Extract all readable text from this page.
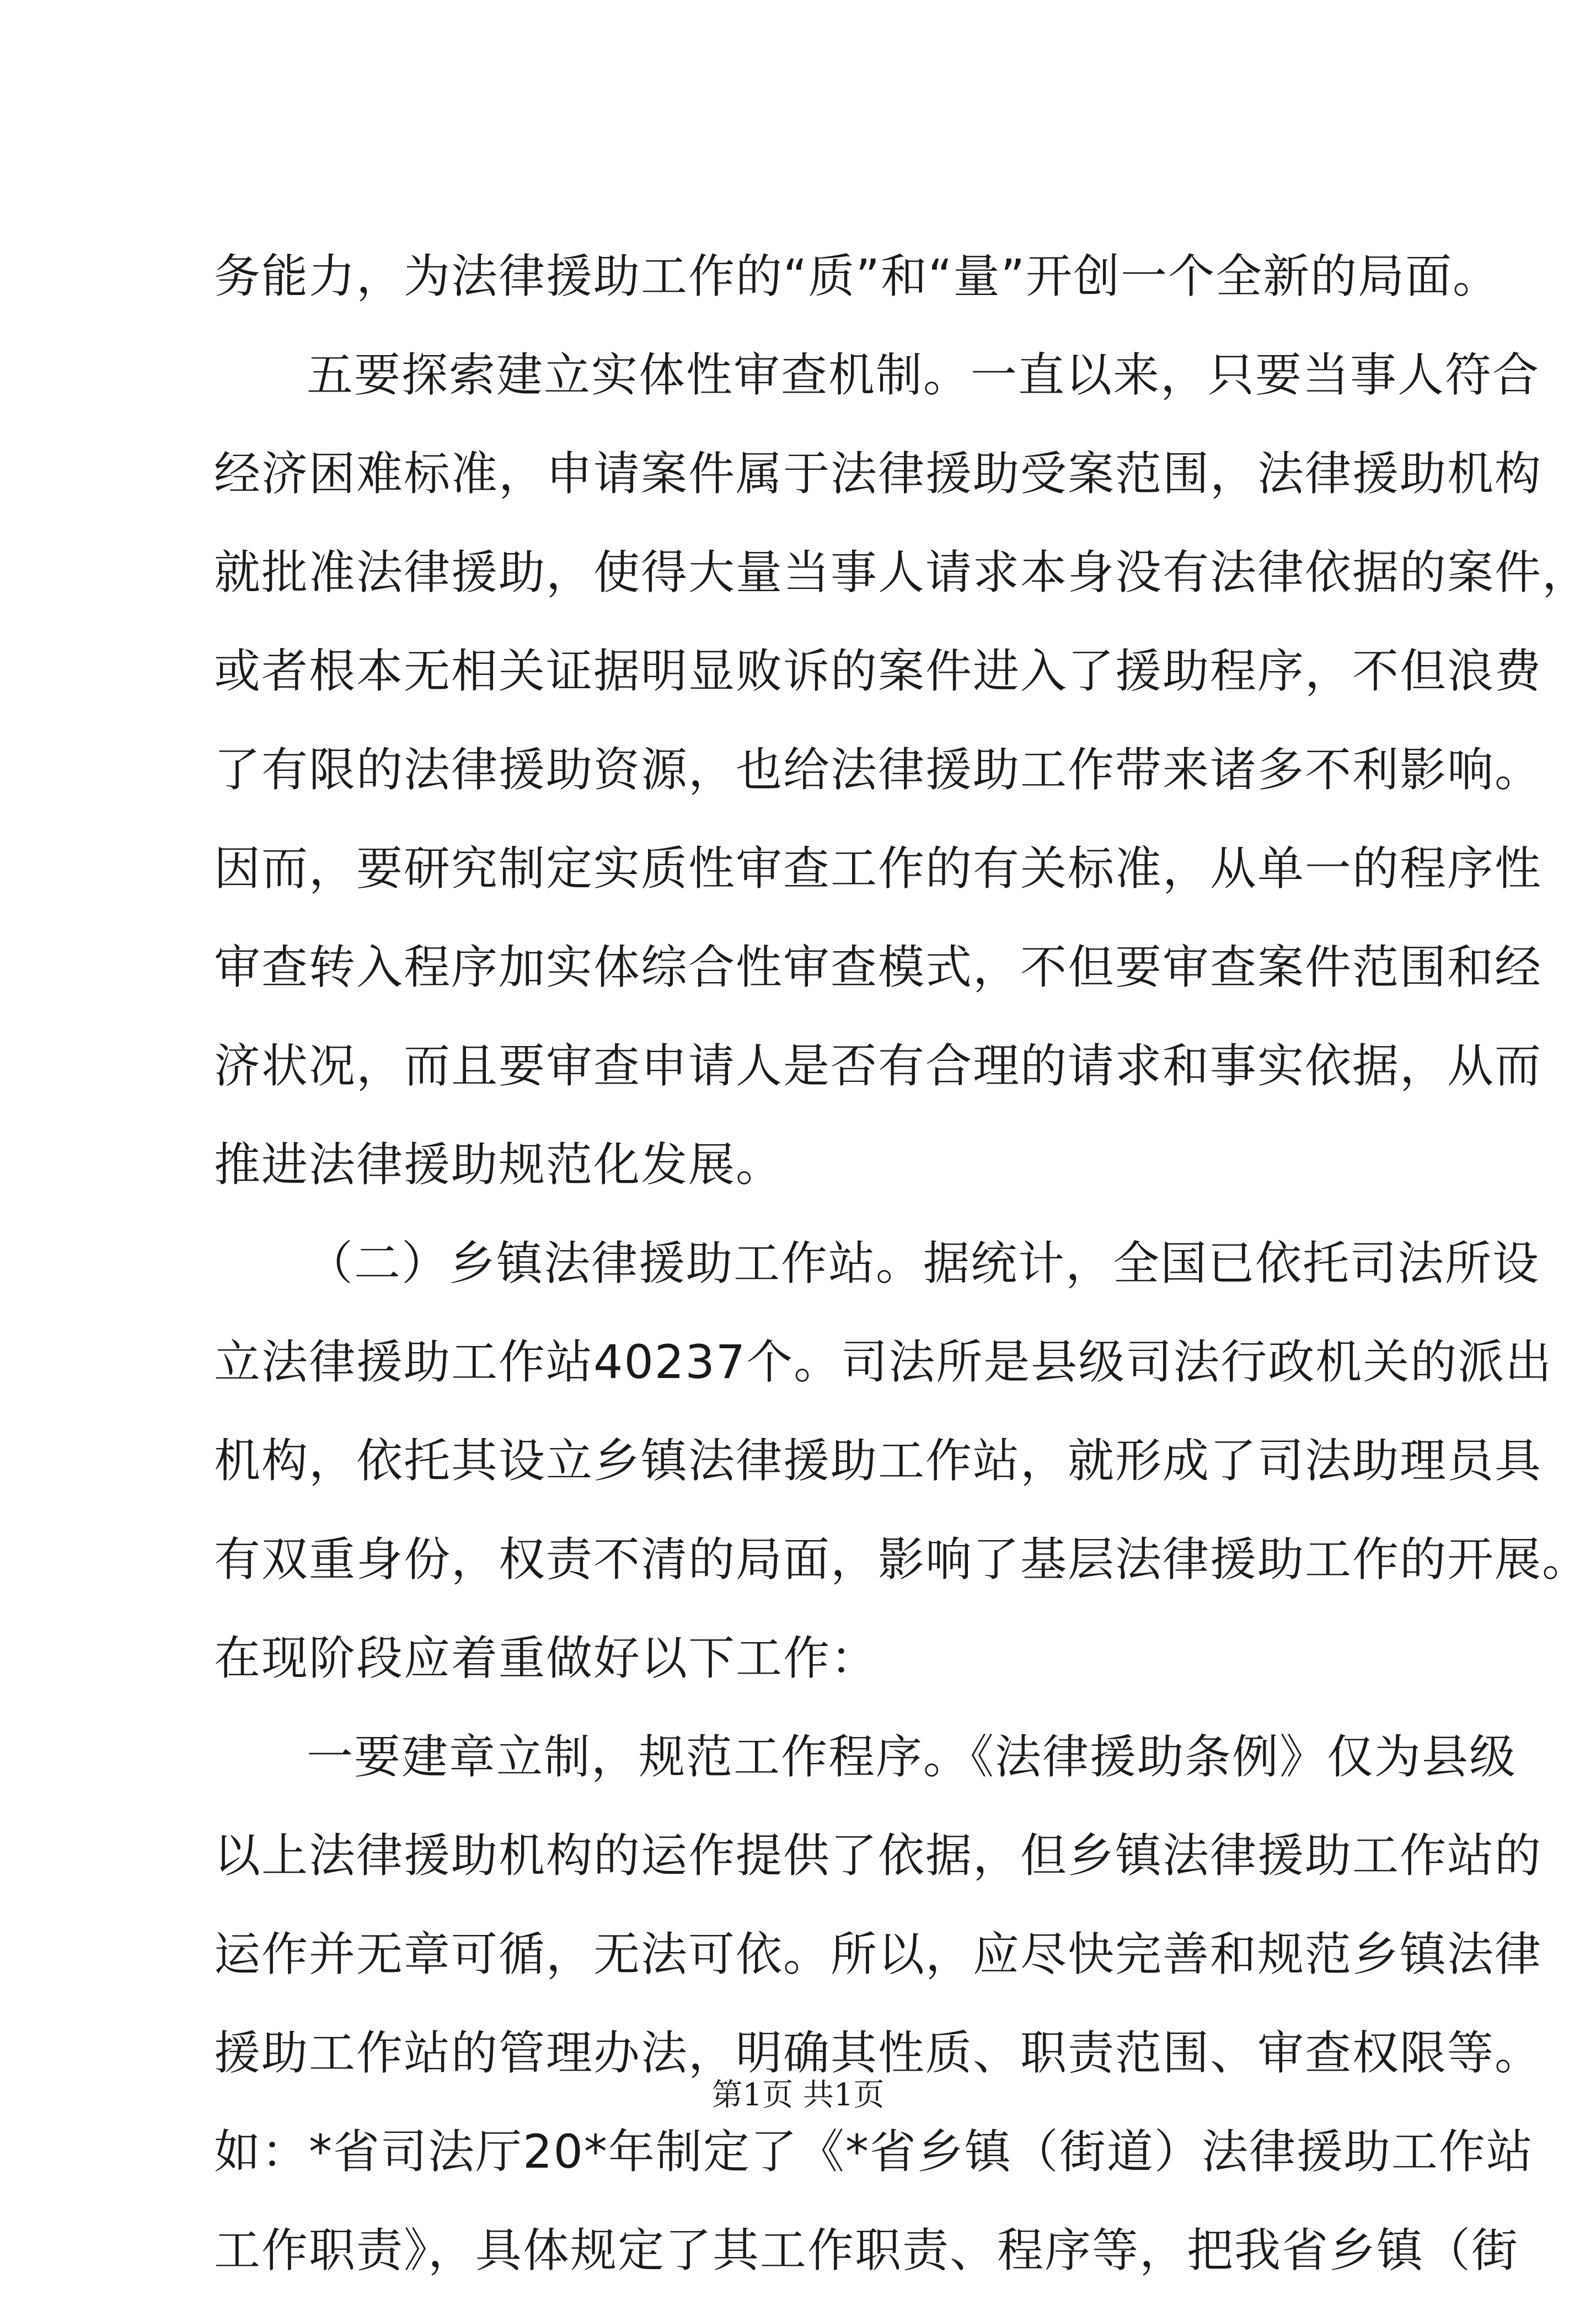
务能力，为法律援助工作的“质”和“量”开创一个全新的局面。
五要探索建立实体性审查机制。一直以来，只要当事人符合
经济困难标准，申请案件属于法律援助受案范围，法律援助机构
就批准法律援助，使得大量当事人请求本身没有法律依据的案件，
或者根本无相关证据明显败诉的案件进入了援助程序，不但浪费
了有限的法律援助资源，也给法律援助工作带来诸多不利影响。
因而，要研究制定实质性审查工作的有关标准，从单一的程序性
审查转入程序加实体综合性审查模式，不但要审查案件范围和经
济状况，而且要审查申请人是否有合理的请求和事实依据，从而
推进法律援助规范化发展。
（二）乡镇法律援助工作站。据统计，全国已依托司法所设
立法律援助工作站40237个。司法所是县级司法行政机关的派出
机构，依托其设立乡镇法律援助工作站，就形成了司法助理员具
有双重身份，权责不清的局面，影响了基层法律援助工作的开展。
在现阶段应着重做好以下工作：
一要建章立制，规范工作程序。《法律援助条例》仅为县级
以上法律援助机构的运作提供了依据，但乡镇法律援助工作站的
运作并无章可循，无法可依。所以，应尽快完善和规范乡镇法律
援助工作站的管理办法，明确其性质、职责范围、审查权限等。
如：*省司法厅20*年制定了《*省乡镇（街道）法律援助工作站
工作职责》，具体规定了其工作职责、程序等，把我省乡镇（街
第1页 共1页
